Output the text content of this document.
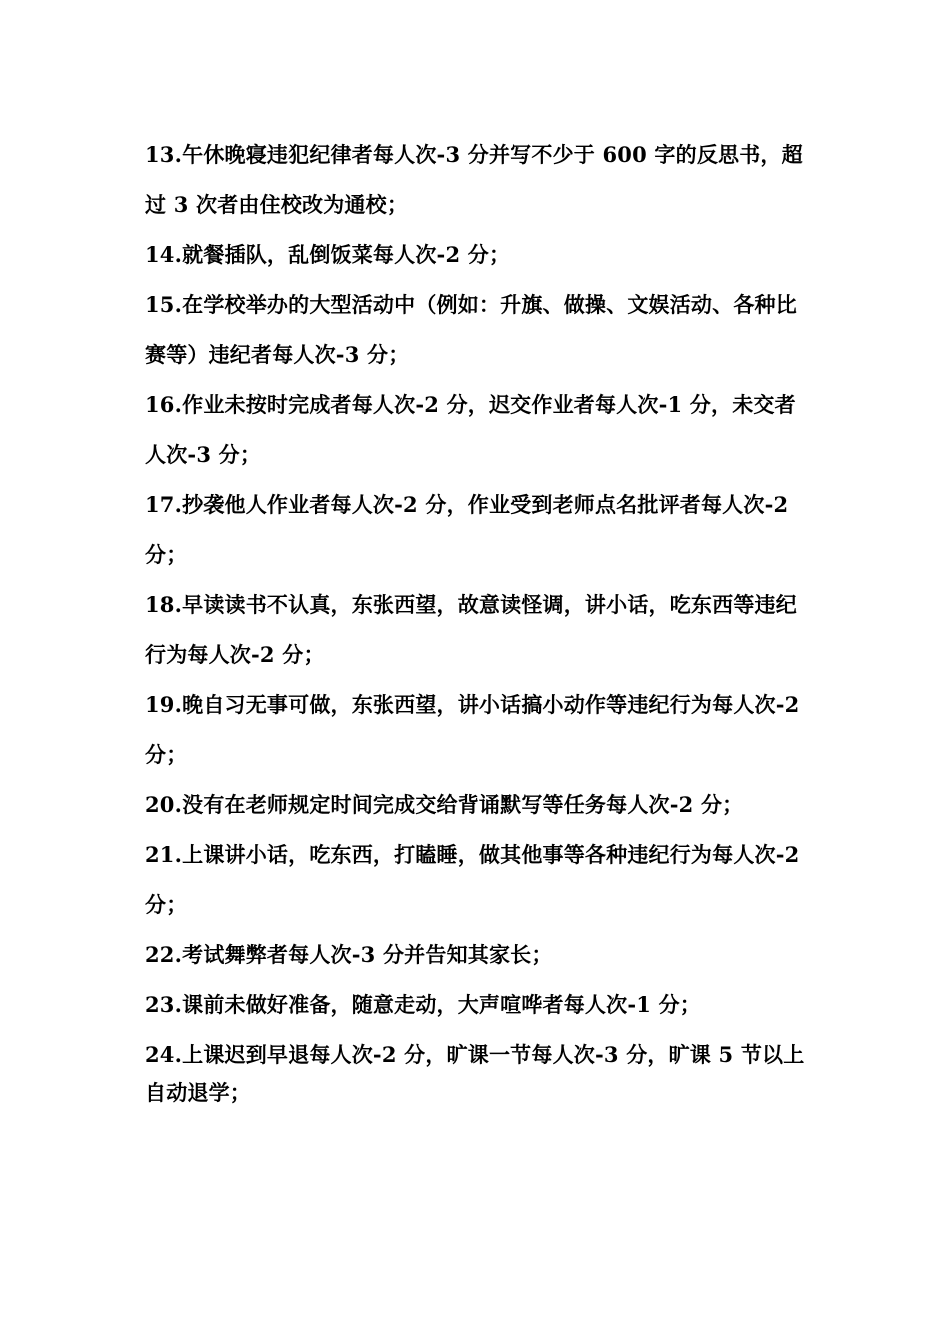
13.午休晚寝违犯纪律者每人次-3 分并写不少于 600 字的反思书，超过 3 次者由住校改为通校；

14.就餐插队，乱倒饭菜每人次-2 分；

15.在学校举办的大型活动中（例如：升旗、做操、文娱活动、各种比赛等）违纪者每人次-3 分；

16.作业未按时完成者每人次-2 分，迟交作业者每人次-1 分，未交者人次-3 分；

17.抄袭他人作业者每人次-2 分，作业受到老师点名批评者每人次-2 分；

18.早读读书不认真，东张西望，故意读怪调，讲小话，吃东西等违纪行为每人次-2 分；

19.晚自习无事可做，东张西望，讲小话搞小动作等违纪行为每人次-2 分；

20.没有在老师规定时间完成交给背诵默写等任务每人次-2 分；

21.上课讲小话，吃东西，打瞌睡，做其他事等各种违纪行为每人次-2 分；

22.考试舞弊者每人次-3 分并告知其家长；

23.课前未做好准备，随意走动，大声喧哗者每人次-1 分；

24.上课迟到早退每人次-2 分，旷课一节每人次-3 分，旷课 5 节以上自动退学；
